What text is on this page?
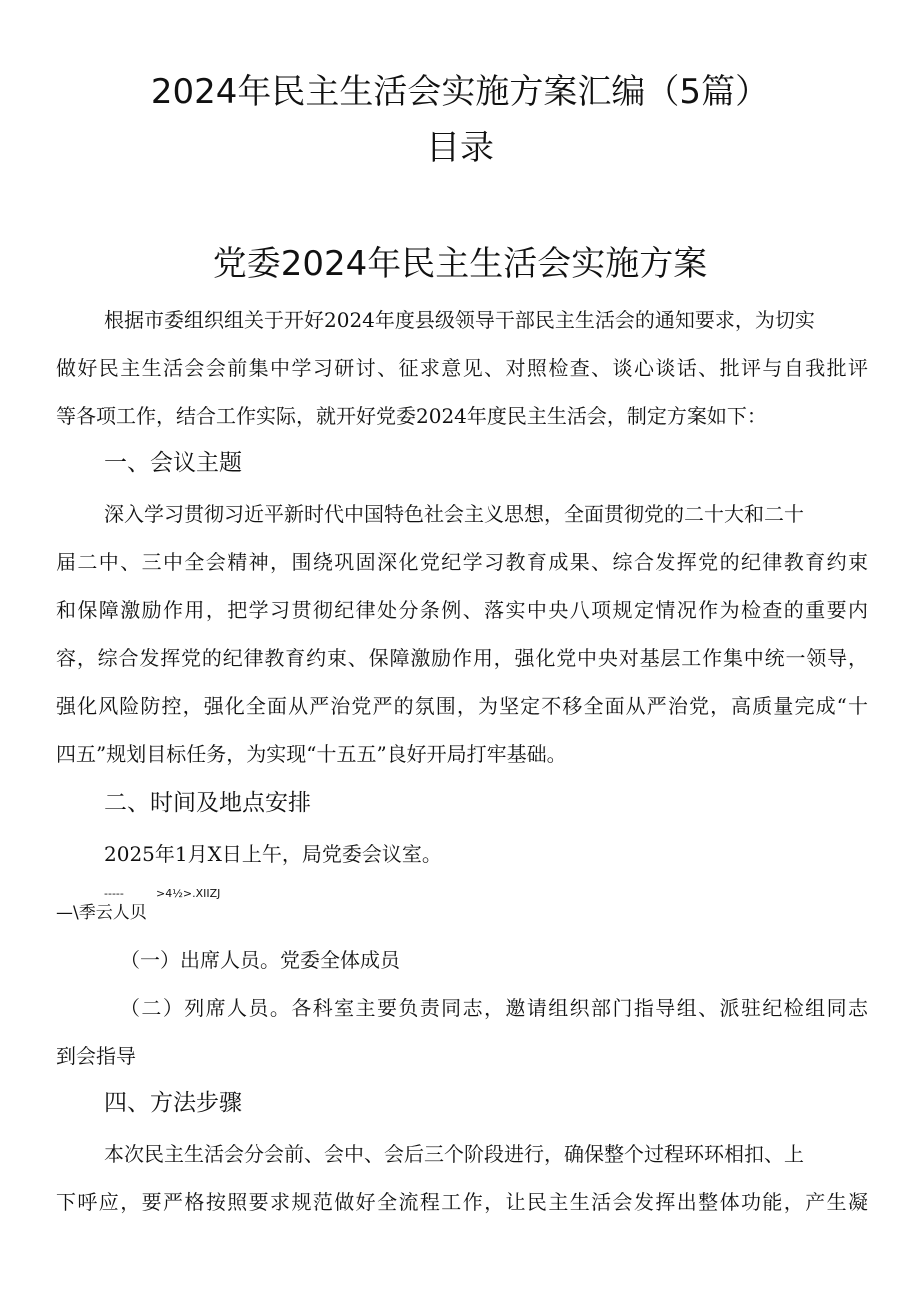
2024年民主生活会实施方案汇编（5篇）
目录
党委2024年民主生活会实施方案
根据市委组织组关于开好2024年度县级领导干部民主生活会的通知要求，为切实
做好民主生活会会前集中学习研讨、征求意见、对照检查、谈心谈话、批评与自我批评
等各项工作，结合工作实际，就开好党委2024年度民主生活会，制定方案如下：
一、会议主题
深入学习贯彻习近平新时代中国特色社会主义思想，全面贯彻党的二十大和二十
届二中、三中全会精神，围绕巩固深化党纪学习教育成果、综合发挥党的纪律教育约束
和保障激励作用，把学习贯彻纪律处分条例、落实中央八项规定情况作为检查的重要内
容，综合发挥党的纪律教育约束、保障激励作用，强化党中央对基层工作集中统一领导，
强化风险防控，强化全面从严治党严的氛围，为坚定不移全面从严治党，高质量完成“十
四五”规划目标任务，为实现“十五五”良好开局打牢基础。
二、时间及地点安排
2025年1月X日上午，局党委会议室。
-----	>4½>.XIIZJ
—\季云人贝
（一）出席人员。党委全体成员
（二）列席人员。各科室主要负责同志，邀请组织部门指导组、派驻纪检组同志
到会指导
四、方法步骤
本次民主生活会分会前、会中、会后三个阶段进行，确保整个过程环环相扣、上
下呼应，要严格按照要求规范做好全流程工作，让民主生活会发挥出整体功能，产生凝
